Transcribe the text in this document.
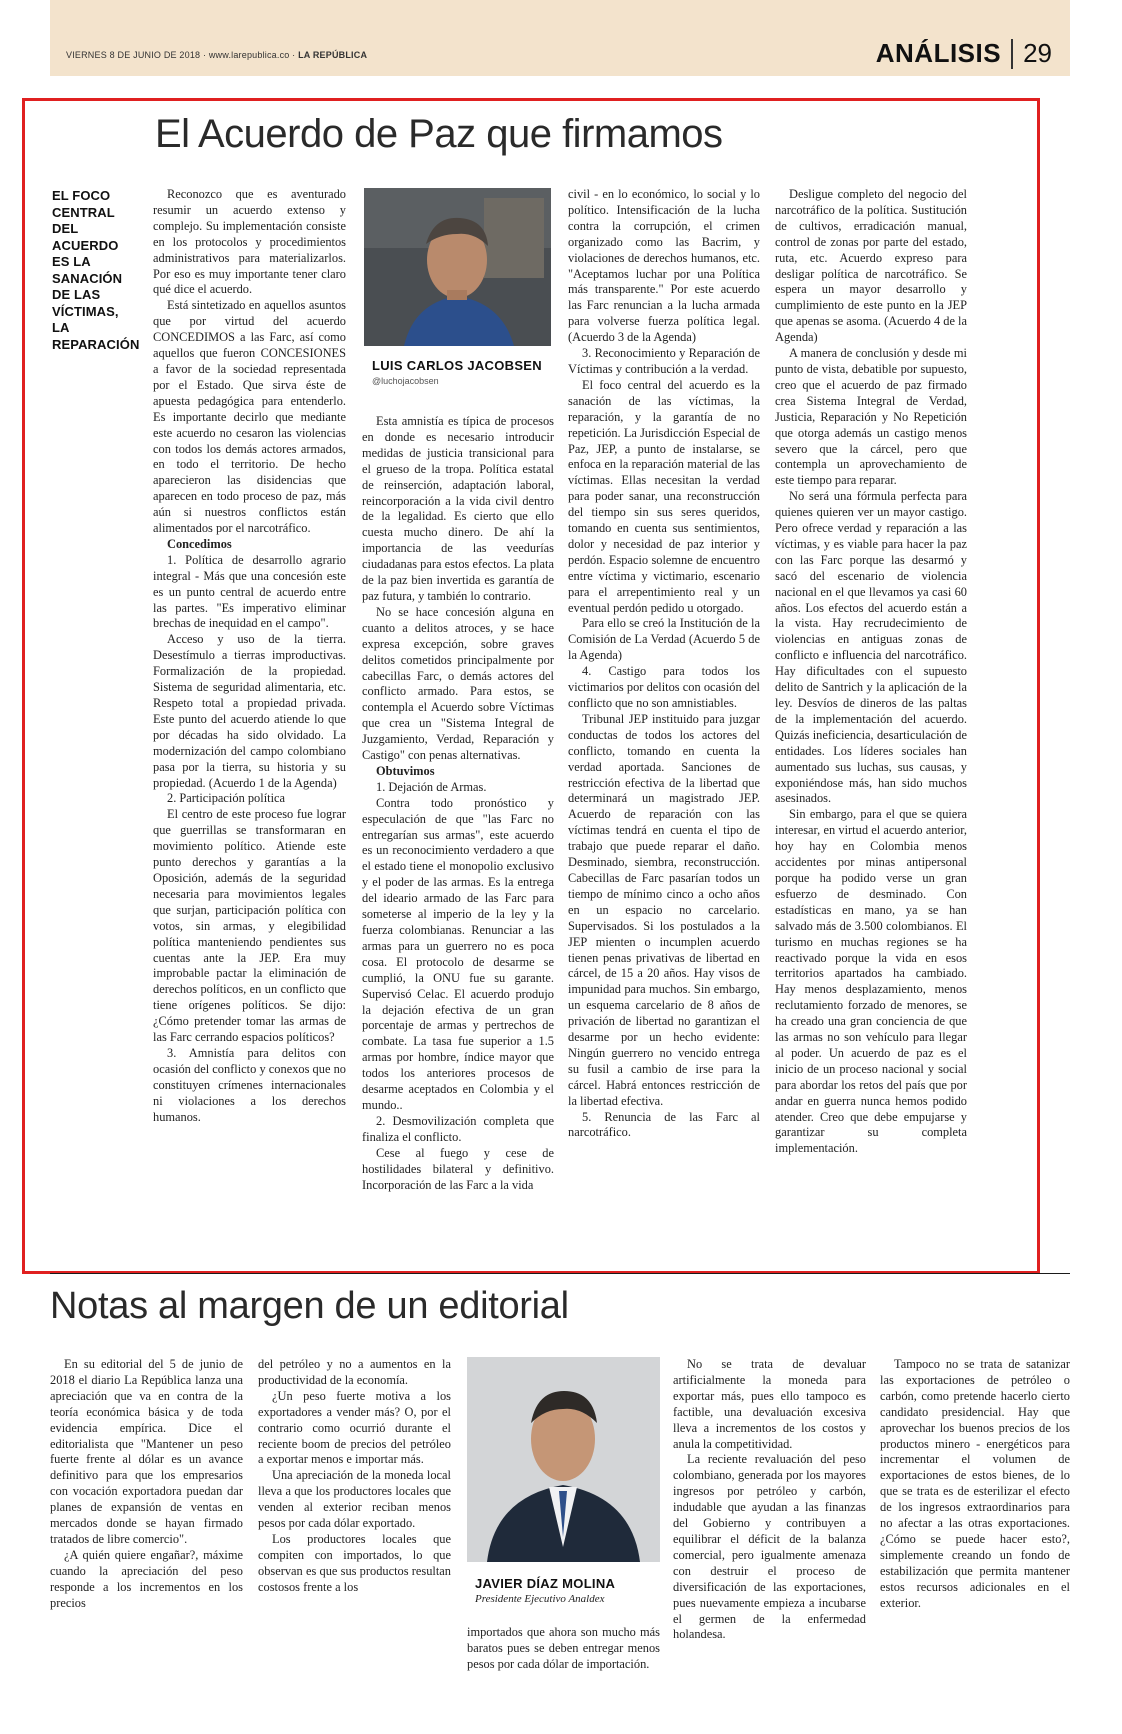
VIERNES 8 DE JUNIO DE 2018 · www.larepublica.co · LA REPÚBLICA	ANÁLISIS 29
El Acuerdo de Paz que firmamos
EL FOCO CENTRAL DEL ACUERDO ES LA SANACIÓN DE LAS VÍCTIMAS, LA REPARACIÓN

Reconozco que es aventurado resumir un acuerdo extenso y complejo. Su implementación consiste en los protocolos y procedimientos administrativos para materializarlos. Por eso es muy importante tener claro qué dice el acuerdo.

Está sintetizado en aquellos asuntos que por virtud del acuerdo CONCEDIMOS a las Farc, así como aquellos que fueron CONCESIONES a favor de la sociedad representada por el Estado. Que sirva éste de apuesta pedagógica para entenderlo. Es importante decirlo que mediante este acuerdo no cesaron las violencias con todos los demás actores armados, en todo el territorio. De hecho aparecieron las disidencias que aparecen en todo proceso de paz, más aún si nuestros conflictos están alimentados por el narcotráfico.

Concedimos

1. Política de desarrollo agrario integral - Más que una concesión este es un punto central de acuerdo entre las partes. "Es imperativo eliminar brechas de inequidad en el campo".

Acceso y uso de la tierra. Desestímulo a tierras improductivas. Formalización de la propiedad. Sistema de seguridad alimentaria, etc. Respeto total a propiedad privada. Este punto del acuerdo atiende lo que por décadas ha sido olvidado. La modernización del campo colombiano pasa por la tierra, su historia y su propiedad. (Acuerdo 1 de la Agenda)

2. Participación política

El centro de este proceso fue lograr que guerrillas se transformaran en movimiento político. Atiende este punto derechos y garantías a la Oposición, además de la seguridad necesaria para movimientos legales que surjan, participación política con votos, sin armas, y elegibilidad política manteniendo pendientes sus cuentas ante la JEP. Era muy improbable pactar la eliminación de derechos políticos, en un conflicto que tiene orígenes políticos. Se dijo: ¿Cómo pretender tomar las armas de las Farc cerrando espacios políticos?

3. Amnistía para delitos con ocasión del conflicto y conexos que no constituyen crímenes internacionales ni violaciones a los derechos humanos.

LUIS CARLOS JACOBSEN
@luchojacobsen

Esta amnistía es típica de procesos en donde es necesario introducir medidas de justicia transicional para el grueso de la tropa. Política estatal de reinserción, adaptación laboral, reincorporación a la vida civil dentro de la legalidad. Es cierto que ello cuesta mucho dinero. De ahí la importancia de las veedurías ciudadanas para estos efectos. La plata de la paz bien invertida es garantía de paz futura, y también lo contrario.

No se hace concesión alguna en cuanto a delitos atroces, y se hace expresa excepción, sobre graves delitos cometidos principalmente por cabecillas Farc, o demás actores del conflicto armado. Para estos, se contempla el Acuerdo sobre Víctimas que crea un "Sistema Integral de Juzgamiento, Verdad, Reparación y Castigo" con penas alternativas.

Obtuvimos

1. Dejación de Armas.

Contra todo pronóstico y especulación de que "las Farc no entregarían sus armas", este acuerdo es un reconocimiento verdadero a que el estado tiene el monopolio exclusivo y el poder de las armas. Es la entrega del ideario armado de las Farc para someterse al imperio de la ley y la fuerza colombianas. Renunciar a las armas para un guerrero no es poca cosa. El protocolo de desarme se cumplió, la ONU fue su garante. Supervisó Celac. El acuerdo produjo la dejación efectiva de un gran porcentaje de armas y pertrechos de combate. La tasa fue superior a 1.5 armas por hombre, índice mayor que todos los anteriores procesos de desarme aceptados en Colombia y el mundo..

2. Desmovilización completa que finaliza el conflicto.

Cese al fuego y cese de hostilidades bilateral y definitivo. Incorporación de las Farc a la vida

civil - en lo económico, lo social y lo político. Intensificación de la lucha contra la corrupción, el crimen organizado como las Bacrim, y violaciones de derechos humanos, etc. "Aceptamos luchar por una Política más transparente." Por este acuerdo las Farc renuncian a la lucha armada para volverse fuerza política legal. (Acuerdo 3 de la Agenda)

3. Reconocimiento y Reparación de Víctimas y contribución a la verdad.

El foco central del acuerdo es la sanación de las víctimas, la reparación, y la garantía de no repetición. La Jurisdicción Especial de Paz, JEP, a punto de instalarse, se enfoca en la reparación material de las víctimas. Ellas necesitan la verdad para poder sanar, una reconstrucción del tiempo sin sus seres queridos, tomando en cuenta sus sentimientos, dolor y necesidad de paz interior y perdón. Espacio solemne de encuentro entre víctima y victimario, escenario para el arrepentimiento real y un eventual perdón pedido u otorgado.

Para ello se creó la Institución de la Comisión de La Verdad (Acuerdo 5 de la Agenda)

4. Castigo para todos los victimarios por delitos con ocasión del conflicto que no son amnistiables.

Tribunal JEP instituido para juzgar conductas de todos los actores del conflicto, tomando en cuenta la verdad aportada. Sanciones de restricción efectiva de la libertad que determinará un magistrado JEP. Acuerdo de reparación con las víctimas tendrá en cuenta el tipo de trabajo que puede reparar el daño. Desminado, siembra, reconstrucción. Cabecillas de Farc pasarían todos un tiempo de mínimo cinco a ocho años en un espacio no carcelario. Supervisados. Si los postulados a la JEP mienten o incumplen acuerdo tienen penas privativas de libertad en cárcel, de 15 a 20 años. Hay visos de impunidad para muchos. Sin embargo, un esquema carcelario de 8 años de privación de libertad no garantizan el desarme por un hecho evidente: Ningún guerrero no vencido entrega su fusil a cambio de irse para la cárcel. Habrá entonces restricción de la libertad efectiva.

5. Renuncia de las Farc al narcotráfico.

Desligue completo del negocio del narcotráfico de la política. Sustitución de cultivos, erradicación manual, control de zonas por parte del estado, ruta, etc. Acuerdo expreso para desligar política de narcotráfico. Se espera un mayor desarrollo y cumplimiento de este punto en la JEP que apenas se asoma. (Acuerdo 4 de la Agenda)

A manera de conclusión y desde mi punto de vista, debatible por supuesto, creo que el acuerdo de paz firmado crea Sistema Integral de Verdad, Justicia, Reparación y No Repetición que otorga además un castigo menos severo que la cárcel, pero que contempla un aprovechamiento de este tiempo para reparar.

No será una fórmula perfecta para quienes quieren ver un mayor castigo. Pero ofrece verdad y reparación a las víctimas, y es viable para hacer la paz con las Farc porque las desarmó y sacó del escenario de violencia nacional en el que llevamos ya casi 60 años. Los efectos del acuerdo están a la vista. Hay recrudecimiento de violencias en antiguas zonas de conflicto e influencia del narcotráfico. Hay dificultades con el supuesto delito de Santrich y la aplicación de la ley. Desvíos de dineros de las paltas de la implementación del acuerdo. Quizás ineficiencia, desarticulación de entidades. Los líderes sociales han aumentado sus luchas, sus causas, y exponiéndose más, han sido muchos asesinados.

Sin embargo, para el que se quiera interesar, en virtud el acuerdo anterior, hoy hay en Colombia menos accidentes por minas antipersonal porque ha podido verse un gran esfuerzo de desminado. Con estadísticas en mano, ya se han salvado más de 3.500 colombianos. El turismo en muchas regiones se ha reactivado porque la vida en esos territorios apartados ha cambiado. Hay menos desplazamiento, menos reclutamiento forzado de menores, se ha creado una gran conciencia de que las armas no son vehículo para llegar al poder. Un acuerdo de paz es el inicio de un proceso nacional y social para abordar los retos del país que por andar en guerra nunca hemos podido atender. Creo que debe empujarse y garantizar su completa implementación.

Notas al margen de un editorial

En su editorial del 5 de junio de 2018 el diario La República lanza una apreciación que va en contra de la teoría económica básica y de toda evidencia empírica. Dice el editorialista que "Mantener un peso fuerte frente al dólar es un avance definitivo para que los empresarios con vocación exportadora puedan dar planes de expansión de ventas en mercados donde se hayan firmado tratados de libre comercio".

¿A quién quiere engañar?, máxime cuando la apreciación del peso responde a los incrementos en los precios

del petróleo y no a aumentos en la productividad de la economía.

¿Un peso fuerte motiva a los exportadores a vender más? O, por el contrario como ocurrió durante el reciente boom de precios del petróleo a exportar menos e importar más.

Una apreciación de la moneda local lleva a que los productores locales que venden al exterior reciban menos pesos por cada dólar exportado.

Los productores locales que compiten con importados, lo que observan es que sus productos resultan costosos frente a los	JAVIER DÍAZ MOLINA
Presidente Ejecutivo Analdex

importados que ahora son mucho más baratos pues se deben entregar menos pesos por cada dólar de importación.

No se trata de devaluar artificialmente la moneda para exportar más, pues ello tampoco es factible, una devaluación excesiva lleva a incrementos de los costos y anula la competitividad.

La reciente revaluación del peso colombiano, generada por los mayores ingresos por petróleo y carbón, indudable que ayudan a las finanzas del Gobierno y contribuyen a equilibrar el déficit de la balanza comercial, pero igualmente amenaza con destruir el proceso de diversificación de las exportaciones, pues nuevamente empieza a incubarse el germen de la enfermedad holandesa.

Tampoco no se trata de satanizar las exportaciones de petróleo o carbón, como pretende hacerlo cierto candidato presidencial. Hay que aprovechar los buenos precios de los productos minero - energéticos para incrementar el volumen de exportaciones de estos bienes, de lo que se trata es de esterilizar el efecto de los ingresos extraordinarios para no afectar a las otras exportaciones. ¿Cómo se puede hacer esto?, simplemente creando un fondo de estabilización que permita mantener estos recursos adicionales en el exterior.
